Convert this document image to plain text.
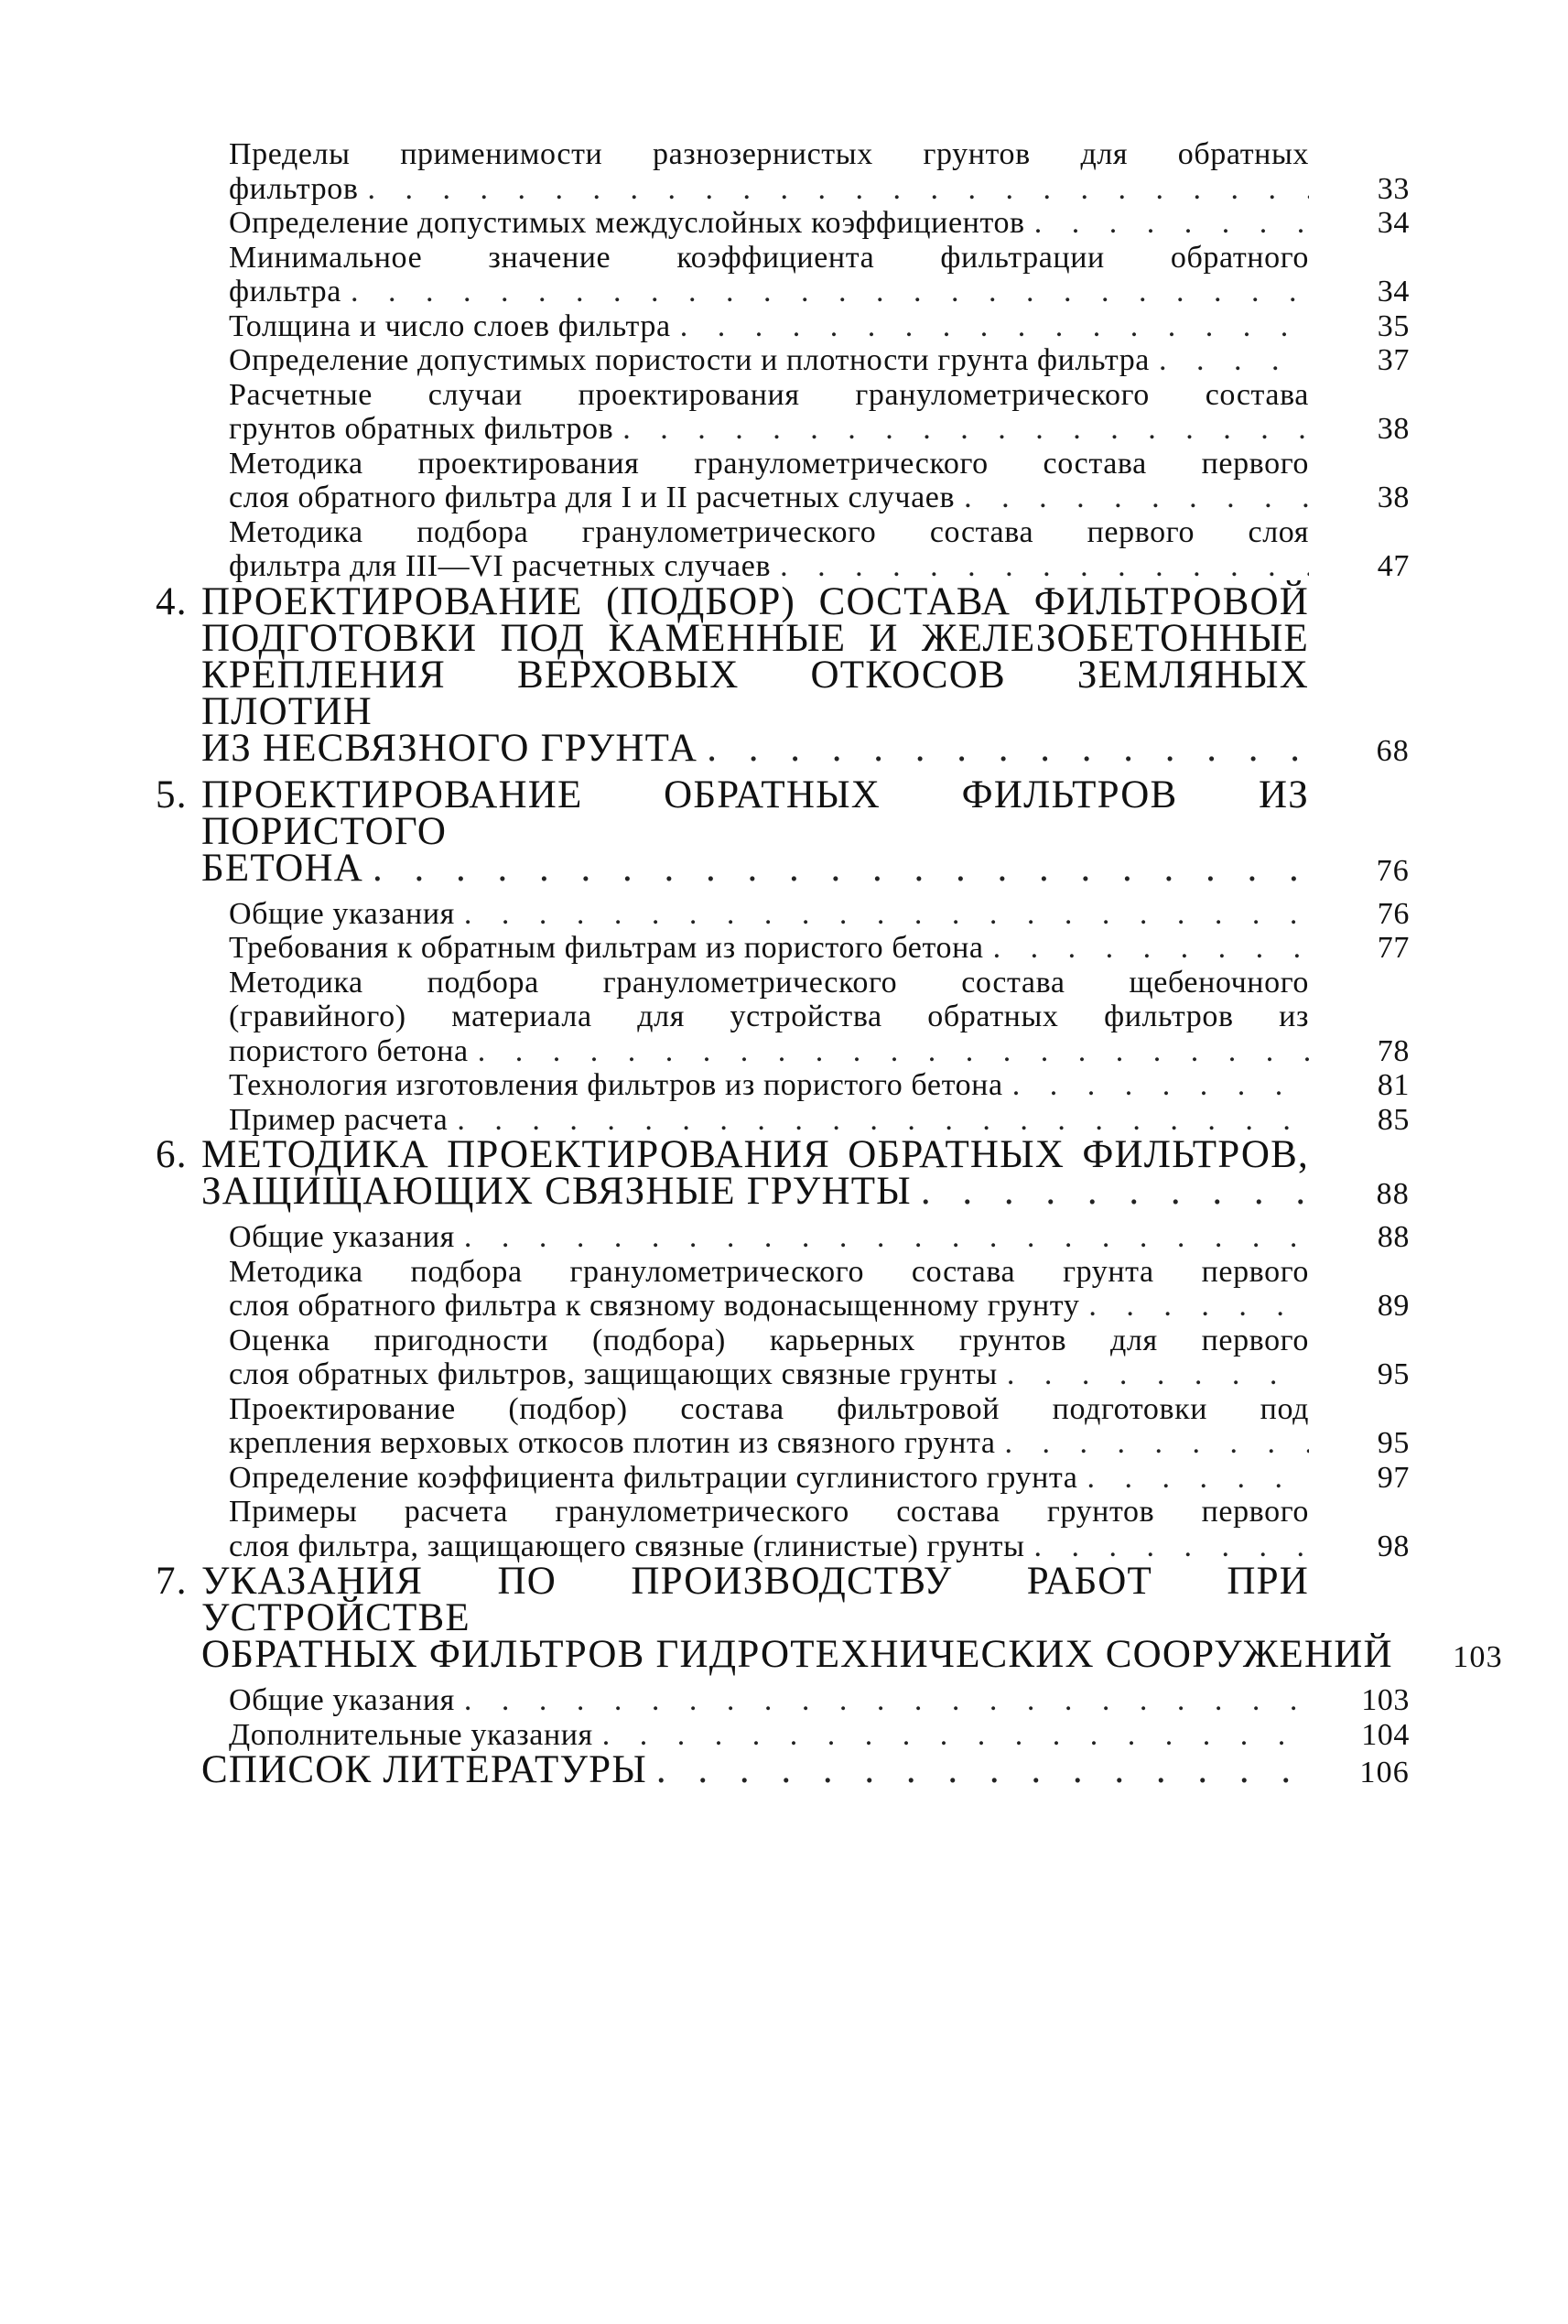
Пределы применимости разнозернистых грунтов для обратных
фильтров . . .	33
Определение допустимых междуслойных коэффициентов . . .	34
Минимальное значение коэффициента фильтрации обратного
фильтра . . .	34
Толщина и число слоев фильтра . . .	35
Определение допустимых пористости и плотности грунта фильтра . . .	37
Расчетные случаи проектирования гранулометрического состава
грунтов обратных фильтров . . .	38
Методика проектирования гранулометрического состава первого
слоя обратного фильтра для I и II расчетных случаев . . .	38
Методика подбора гранулометрического состава первого слоя
фильтра для III—VI расчетных случаев . . .	47
4. ПРОЕКТИРОВАНИЕ (ПОДБОР) СОСТАВА ФИЛЬТРОВОЙ
ПОДГОТОВКИ ПОД КАМЕННЫЕ И ЖЕЛЕЗОБЕТОННЫЕ
КРЕПЛЕНИЯ ВЕРХОВЫХ ОТКОСОВ ЗЕМЛЯНЫХ ПЛОТИН
ИЗ НЕСВЯЗНОГО ГРУНТА . . .	68
5. ПРОЕКТИРОВАНИЕ ОБРАТНЫХ ФИЛЬТРОВ ИЗ ПОРИСТОГО
БЕТОНА . . .	76
Общие указания . . .	76
Требования к обратным фильтрам из пористого бетона . . .	77
Методика подбора гранулометрического состава щебеночного
(гравийного) материала для устройства обратных фильтров из
пористого бетона . . .	78
Технология изготовления фильтров из пористого бетона . . .	81
Пример расчета . . .	85
6. МЕТОДИКА ПРОЕКТИРОВАНИЯ ОБРАТНЫХ ФИЛЬТРОВ,
ЗАЩИЩАЮЩИХ СВЯЗНЫЕ ГРУНТЫ . . .	88
Общие указания . . .	88
Методика подбора гранулометрического состава грунта первого
слоя обратного фильтра к связному водонасыщенному грунту . . .	89
Оценка пригодности (подбора) карьерных грунтов для первого
слоя обратных фильтров, защищающих связные грунты . . .	95
Проектирование (подбор) состава фильтровой подготовки под
крепления верховых откосов плотин из связного грунта . . .	95
Определение коэффициента фильтрации суглинистого грунта . . .	97
Примеры расчета гранулометрического состава грунтов первого
слоя фильтра, защищающего связные (глинистые) грунты . . .	98
7. УКАЗАНИЯ ПО ПРОИЗВОДСТВУ РАБОТ ПРИ УСТРОЙСТВЕ
ОБРАТНЫХ ФИЛЬТРОВ ГИДРОТЕХНИЧЕСКИХ СООРУЖЕНИЙ . . .	103
Общие указания . . .	103
Дополнительные указания . . .	104
СПИСОК ЛИТЕРАТУРЫ . . .	106
